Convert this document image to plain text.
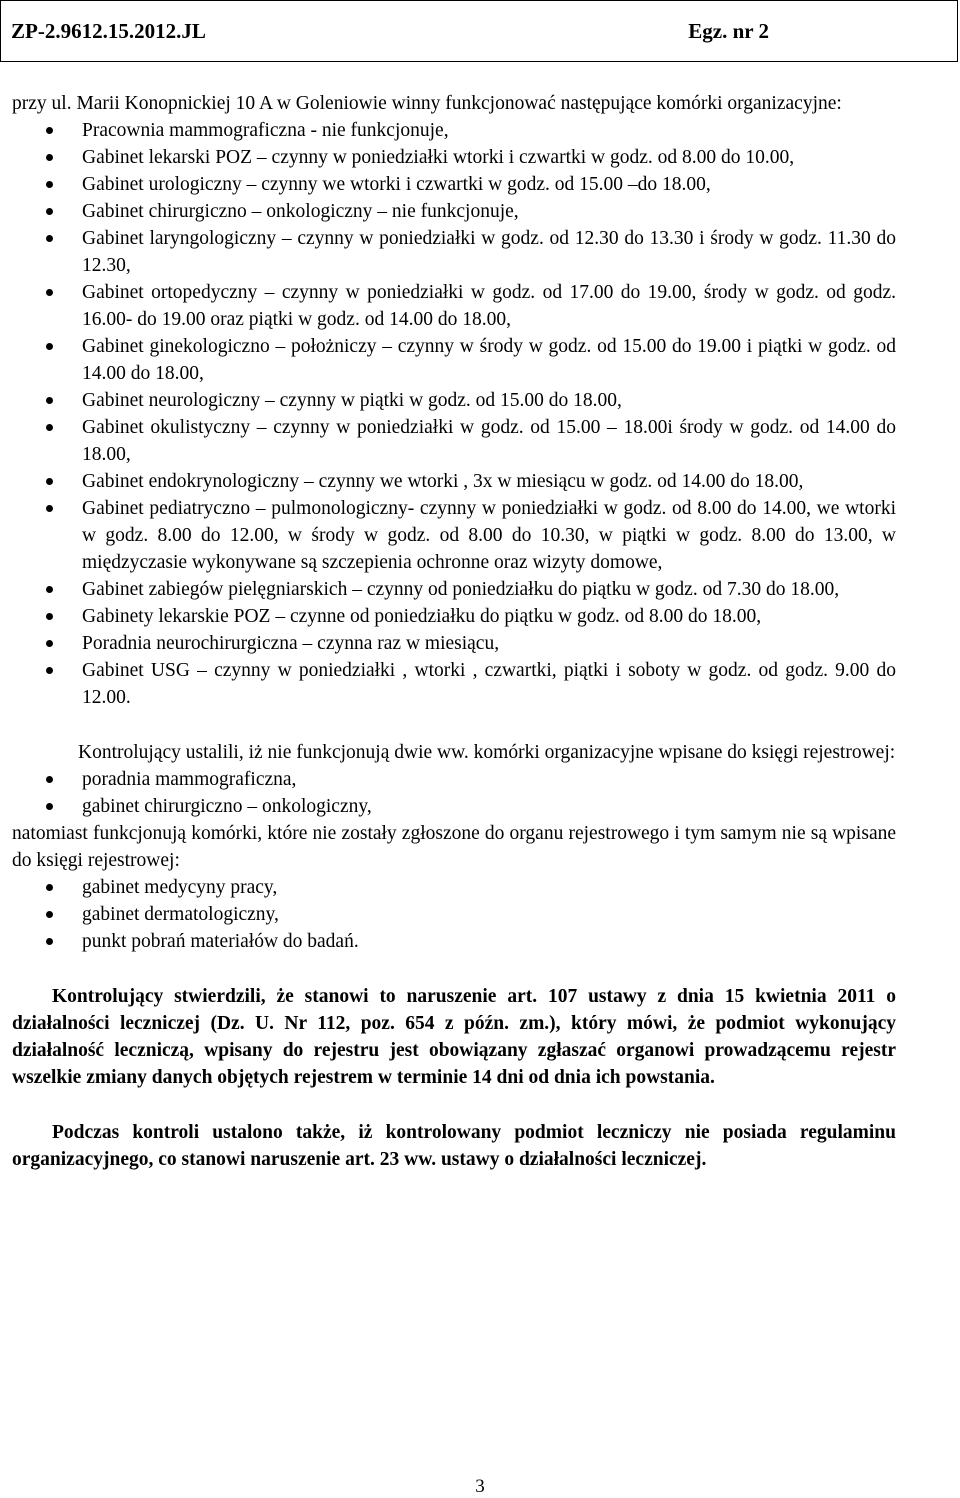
ZP-2.9612.15.2012.JL	Egz. nr 2

przy ul. Marii Konopnickiej 10 A w Goleniowie winny funkcjonować następujące komórki organizacyjne:

Pracownia mammograficzna - nie funkcjonuje,
Gabinet lekarski POZ – czynny w poniedziałki wtorki i czwartki w godz. od 8.00 do 10.00,
Gabinet urologiczny – czynny we wtorki i czwartki w godz. od 15.00 –do 18.00,
Gabinet chirurgiczno – onkologiczny – nie funkcjonuje,
Gabinet laryngologiczny – czynny w poniedziałki w godz. od 12.30 do 13.30 i środy w godz. 11.30 do 12.30,
Gabinet ortopedyczny – czynny w poniedziałki w godz. od 17.00 do 19.00, środy w godz. od godz. 16.00- do 19.00 oraz piątki w godz. od 14.00 do 18.00,
Gabinet ginekologiczno – położniczy – czynny w środy w godz. od 15.00 do 19.00 i piątki w godz. od 14.00 do 18.00,
Gabinet neurologiczny – czynny w piątki w godz. od 15.00 do 18.00,
Gabinet okulistyczny – czynny w poniedziałki w godz. od 15.00 – 18.00i środy w godz. od 14.00 do 18.00,
Gabinet endokrynologiczny – czynny we wtorki , 3x w miesiącu w godz. od 14.00 do 18.00,
Gabinet pediatryczno – pulmonologiczny- czynny w poniedziałki w godz. od 8.00 do 14.00, we wtorki w godz. 8.00 do 12.00, w środy w godz. od 8.00 do 10.30, w piątki w godz. 8.00 do 13.00, w międzyczasie wykonywane są szczepienia ochronne oraz wizyty domowe,
Gabinet zabiegów pielęgniarskich – czynny od poniedziałku do piątku w godz. od 7.30 do 18.00,
Gabinety lekarskie POZ – czynne od poniedziałku do piątku w godz. od 8.00 do 18.00,
Poradnia neurochirurgiczna – czynna raz w miesiącu,
Gabinet USG – czynny w poniedziałki , wtorki , czwartki, piątki i soboty w godz. od godz. 9.00 do 12.00.

Kontrolujący ustalili, iż nie funkcjonują dwie ww. komórki organizacyjne wpisane do księgi rejestrowej:

poradnia mammograficzna,
gabinet chirurgiczno – onkologiczny,

natomiast funkcjonują komórki, które nie zostały zgłoszone do organu rejestrowego i tym samym nie są wpisane do księgi rejestrowej:

gabinet medycyny pracy,
gabinet dermatologiczny,
punkt pobrań materiałów do badań.

Kontrolujący stwierdzili, że stanowi to naruszenie art. 107 ustawy z dnia 15 kwietnia 2011 o działalności leczniczej (Dz. U. Nr 112, poz. 654 z późn. zm.), który mówi, że podmiot wykonujący działalność leczniczą, wpisany do rejestru jest obowiązany zgłaszać organowi prowadzącemu rejestr wszelkie zmiany danych objętych rejestrem w terminie 14 dni od dnia ich powstania.

Podczas kontroli ustalono także, iż kontrolowany podmiot leczniczy nie posiada regulaminu organizacyjnego, co stanowi naruszenie art. 23 ww. ustawy o działalności leczniczej.

3
